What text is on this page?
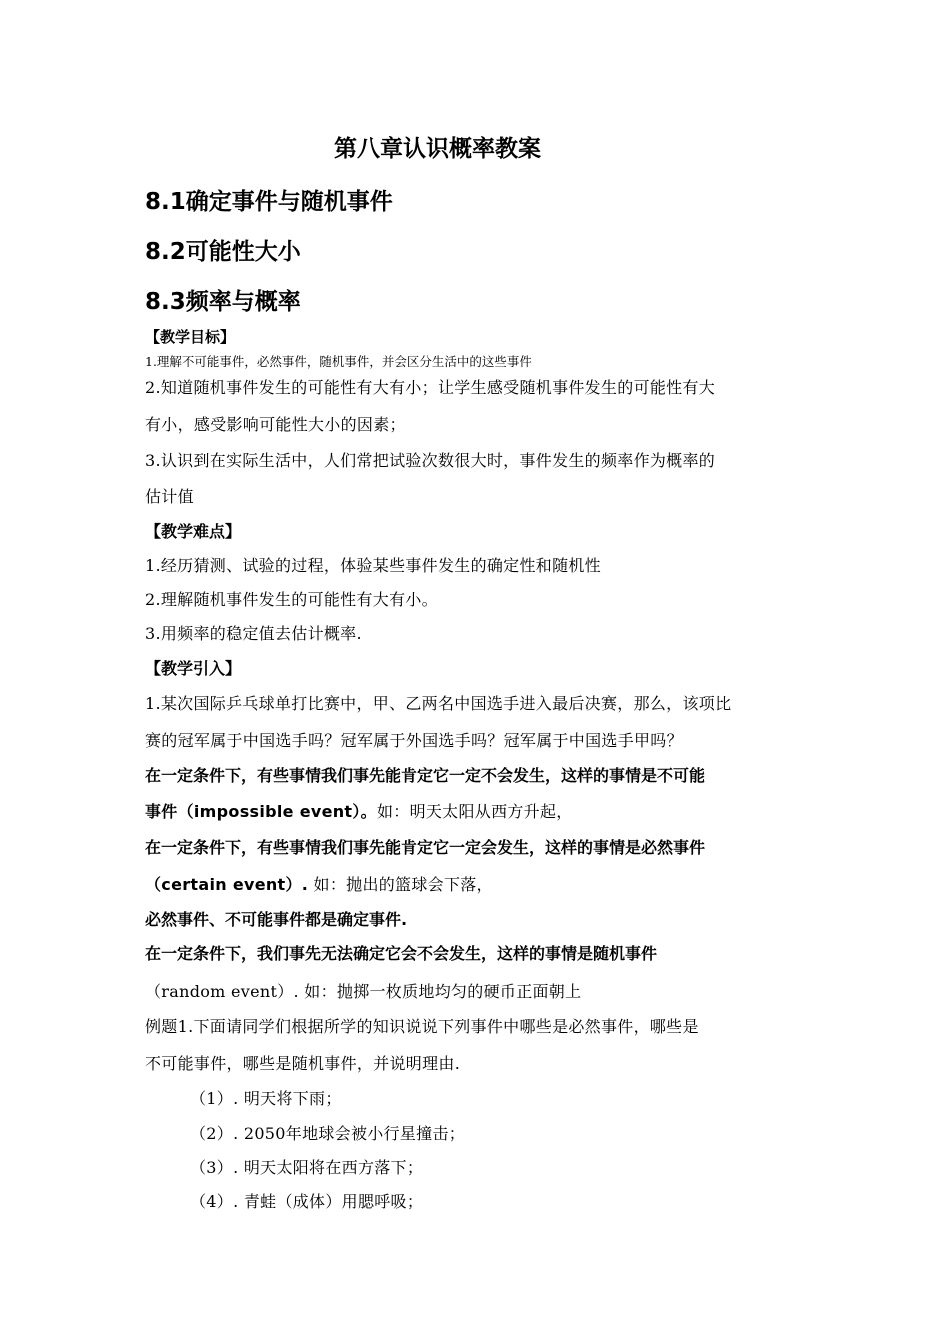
第八章认识概率教案
8.1确定事件与随机事件
8.2可能性大小
8.3频率与概率
【教学目标】
1.理解不可能事件，必然事件，随机事件，并会区分生活中的这些事件
2.知道随机事件发生的可能性有大有小；让学生感受随机事件发生的可能性有大
有小，感受影响可能性大小的因素；
3.认识到在实际生活中，人们常把试验次数很大时，事件发生的频率作为概率的
估计值
【教学难点】
1.经历猜测、试验的过程，体验某些事件发生的确定性和随机性
2.理解随机事件发生的可能性有大有小。
3.用频率的稳定值去估计概率.
【教学引入】
1.某次国际乒乓球单打比赛中，甲、乙两名中国选手进入最后决赛，那么，该项比
赛的冠军属于中国选手吗？冠军属于外国选手吗？冠军属于中国选手甲吗？
在一定条件下，有些事情我们事先能肯定它一定不会发生，这样的事情是不可能
事件（impossible event）。如：明天太阳从西方升起，
在一定条件下，有些事情我们事先能肯定它一定会发生，这样的事情是必然事件
（certain event）. 如：抛出的篮球会下落，
必然事件、不可能事件都是确定事件.
在一定条件下，我们事先无法确定它会不会发生，这样的事情是随机事件
（random event）. 如：抛掷一枚质地均匀的硬币正面朝上
例题1.下面请同学们根据所学的知识说说下列事件中哪些是必然事件，哪些是
不可能事件，哪些是随机事件，并说明理由.
（1）. 明天将下雨；
（2）. 2050年地球会被小行星撞击；
（3）. 明天太阳将在西方落下；
（4）. 青蛙（成体）用腮呼吸；
